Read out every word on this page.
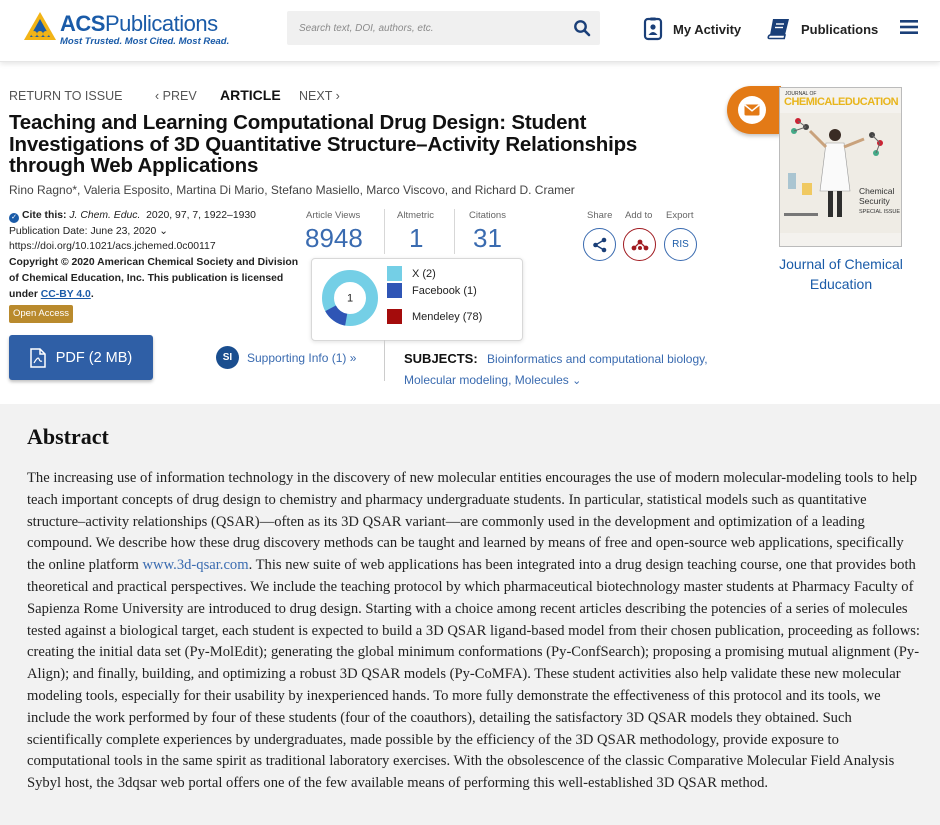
ACSPublications
Most Trusted. Most Cited. Most Read.
Search text, DOI, authors, etc.
My Activity	Publications
RETURN TO ISSUE	‹ PREV ARTICLE NEXT ›
Teaching and Learning Computational Drug Design: Student Investigations of 3D Quantitative Structure–Activity Relationships through Web Applications
Rino Ragno*, Valeria Esposito, Martina Di Mario, Stefano Masiello, Marco Viscovo, and Richard D. Cramer
✓ Cite this: J. Chem. Educ. 2020, 97, 7, 1922–1930
Publication Date: June 23, 2020 ⌄
https://doi.org/10.1021/acs.jchemed.0c00117
Copyright © 2020 American Chemical Society and Division of Chemical Education, Inc. This publication is licensed under CC-BY 4.0.
Open Access
Article Views
8948
Altmetric
1
Citations
31
Share Add to Export
RIS
1
X (2)
Facebook (1)
Mendeley (78)
JOURNAL OF
CHEMICALEDUCATION
Chemical
Security
SPECIAL ISSUE
Journal of Chemical Education
PDF (2 MB)	SI	Supporting Info (1) »	SUBJECTS: Bioinformatics and computational biology, Molecular modeling, Molecules ⌄
Abstract
The increasing use of information technology in the discovery of new molecular entities encourages the use of modern molecular-modeling tools to help teach important concepts of drug design to chemistry and pharmacy undergraduate students. In particular, statistical models such as quantitative structure–activity relationships (QSAR)—often as its 3D QSAR variant—are commonly used in the development and optimization of a leading compound. We describe how these drug discovery methods can be taught and learned by means of free and open-source web applications, specifically the online platform www.3d-qsar.com. This new suite of web applications has been integrated into a drug design teaching course, one that provides both theoretical and practical perspectives. We include the teaching protocol by which pharmaceutical biotechnology master students at Pharmacy Faculty of Sapienza Rome University are introduced to drug design. Starting with a choice among recent articles describing the potencies of a series of molecules tested against a biological target, each student is expected to build a 3D QSAR ligand-based model from their chosen publication, proceeding as follows: creating the initial data set (Py-MolEdit); generating the global minimum conformations (Py-ConfSearch); proposing a promising mutual alignment (Py-Align); and finally, building, and optimizing a robust 3D QSAR models (Py-CoMFA). These student activities also help validate these new molecular modeling tools, especially for their usability by inexperienced hands. To more fully demonstrate the effectiveness of this protocol and its tools, we include the work performed by four of these students (four of the coauthors), detailing the satisfactory 3D QSAR models they obtained. Such scientifically complete experiences by undergraduates, made possible by the efficiency of the 3D QSAR methodology, provide exposure to computational tools in the same spirit as traditional laboratory exercises. With the obsolescence of the classic Comparative Molecular Field Analysis Sybyl host, the 3dqsar web portal offers one of the few available means of performing this well-established 3D QSAR method.
